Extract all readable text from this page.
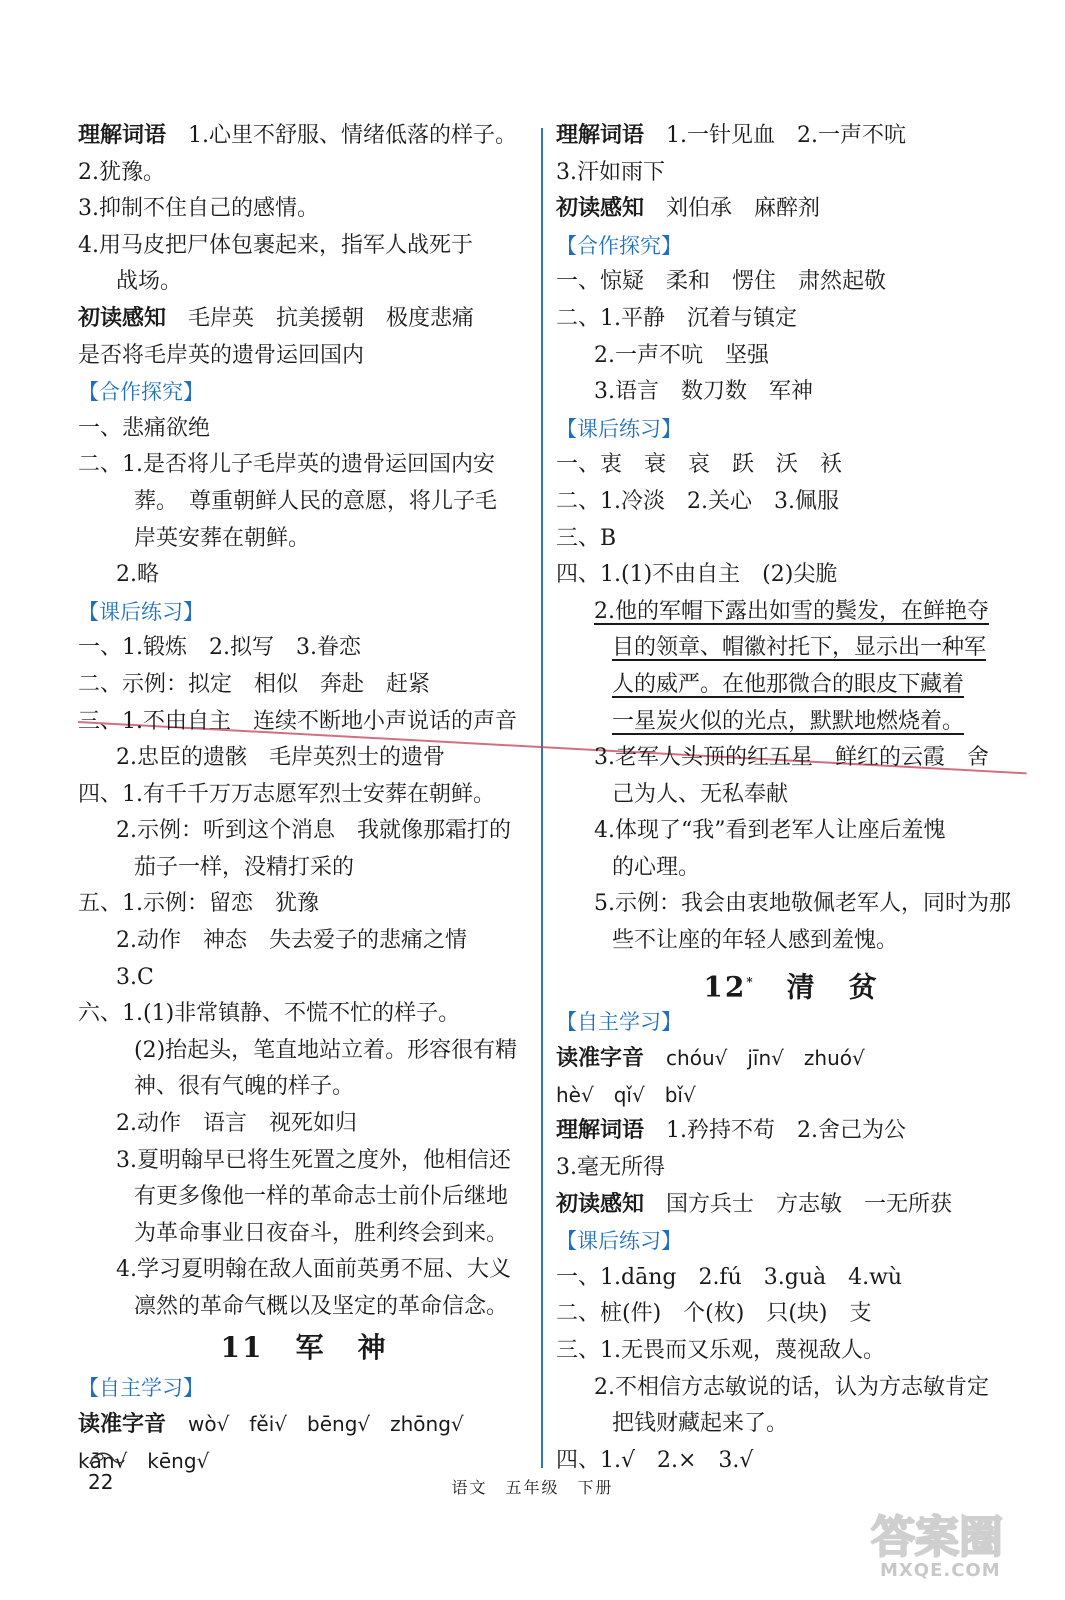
理解词语　 1.心里不舒服、情绪低落的样子。
2.犹豫。
3.抑制不住自己的感情。
4.用马皮把尸体包裹起来，指军人战死于
战场。
初读感知　 毛岸英　抗美援朝　极度悲痛
是否将毛岸英的遗骨运回国内
【合作探究】
一、悲痛欲绝
二、1.是否将儿子毛岸英的遗骨运回国内安
葬。　尊重朝鲜人民的意愿，将儿子毛
岸英安葬在朝鲜。
2.略
【课后练习】
一、1.锻炼　2.拟写　3.眷恋
二、示例：拟定　相似　奔赴　赶紧
三、1.不由自主　连续不断地小声说话的声音
2.忠臣的遗骸　毛岸英烈士的遗骨
四、1.有千千万万志愿军烈士安葬在朝鲜。
2.示例：听到这个消息　我就像那霜打的
茄子一样，没精打采的
五、1.示例：留恋　犹豫
2.动作　神态　失去爱子的悲痛之情
3.C
六、1.(1)非常镇静、不慌不忙的样子。
(2)抬起头，笔直地站立着。形容很有精
神、很有气魄的样子。
2.动作　语言　视死如归
3.夏明翰早已将生死置之度外，他相信还
有更多像他一样的革命志士前仆后继地
为革命事业日夜奋斗，胜利终会到来。
4.学习夏明翰在敌人面前英勇不屈、大义
凛然的革命气概以及坚定的革命信念。
11 军 神
【自主学习】
读准字音　 wò√　fěi√　bēng√　zhōng√
kān√　kēng√
理解词语　 1.一针见血　2.一声不吭
3.汗如雨下
初读感知　 刘伯承　麻醉剂
【合作探究】
一、惊疑　柔和　愣住　肃然起敬
二、1.平静　沉着与镇定
2.一声不吭　坚强
3.语言　数刀数　军神
【课后练习】
一、衷　衰　哀　跃　沃　袄
二、1.冷淡　2.关心　3.佩服
三、B
四、1.(1)不由自主　(2)尖脆
2.他的军帽下露出如雪的鬓发，在鲜艳夺
目的领章、帽徽衬托下，显示出一种军
人的威严。在他那微合的眼皮下藏着
一星炭火似的光点，默默地燃烧着。
3.老军人头顶的红五星　鲜红的云霞　舍
己为人、无私奉献
4.体现了“我”看到老军人让座后羞愧
的心理。
5.示例：我会由衷地敬佩老军人，同时为那
些不让座的年轻人感到羞愧。
12* 清 贫
【自主学习】
读准字音　 chóu√　jīn√　zhuó√
hè√　qǐ√　bǐ√
理解词语　 1.矜持不苟　2.舍己为公
3.毫无所得
初读感知　 国方兵士　方志敏　一无所获
【课后练习】
一、1.dāng　2.fú　3.guà　4.wù
二、桩(件)　个(枚)　只(块)　支
三、1.无畏而又乐观，蔑视敌人。
2.不相信方志敏说的话，认为方志敏肯定
把钱财藏起来了。
四、1.√　2.×　3.√
22	语文　五年级　下册
答案圈
MXQE.COM
